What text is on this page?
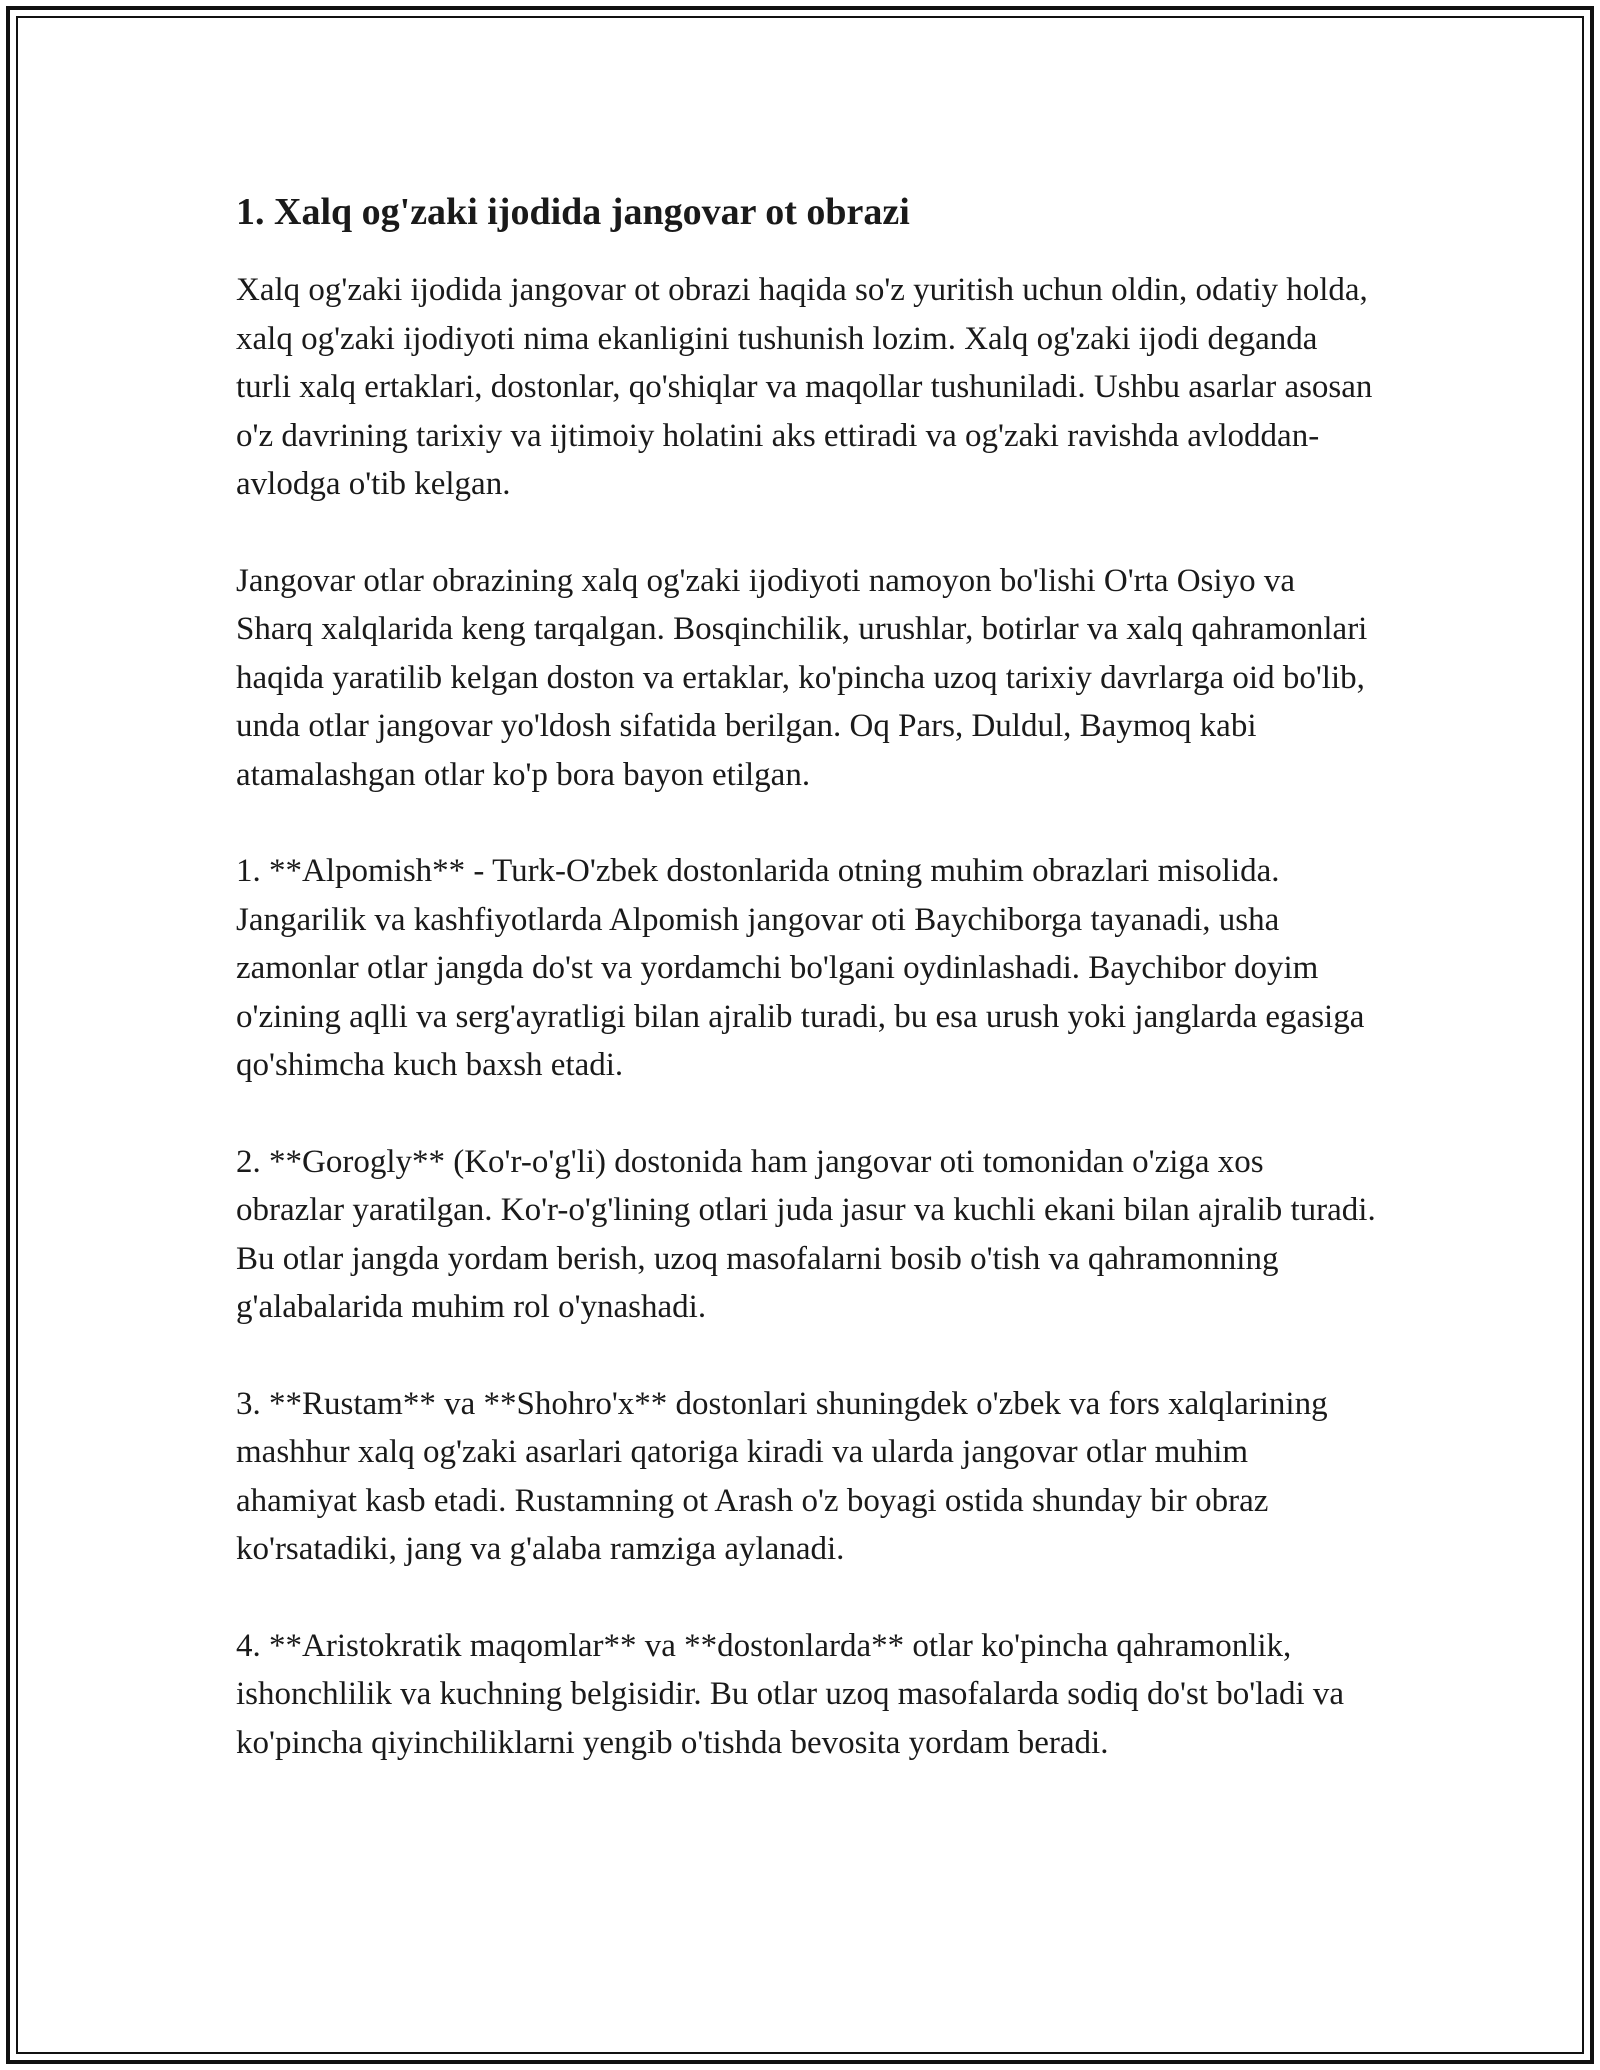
1. Xalq og'zaki ijodida jangovar ot obrazi

Xalq og'zaki ijodida jangovar ot obrazi haqida so'z yuritish uchun oldin, odatiy holda, xalq og'zaki ijodiyoti nima ekanligini tushunish lozim. Xalq og'zaki ijodi deganda turli xalq ertaklari, dostonlar, qo'shiqlar va maqollar tushuniladi. Ushbu asarlar asosan o'z davrining tarixiy va ijtimoiy holatini aks ettiradi va og'zaki ravishda avloddan-avlodga o'tib kelgan.

Jangovar otlar obrazining xalq og'zaki ijodiyoti namoyon bo'lishi O'rta Osiyo va Sharq xalqlarida keng tarqalgan. Bosqinchilik, urushlar, botirlar va xalq qahramonlari haqida yaratilib kelgan doston va ertaklar, ko'pincha uzoq tarixiy davrlarga oid bo'lib, unda otlar jangovar yo'ldosh sifatida berilgan. Oq Pars, Duldul, Baymoq kabi atamalashgan otlar ko'p bora bayon etilgan.

1. **Alpomish** - Turk-O'zbek dostonlarida otning muhim obrazlari misolida. Jangarilik va kashfiyotlarda Alpomish jangovar oti Baychiborga tayanadi, usha zamonlar otlar jangda do'st va yordamchi bo'lgani oydinlashadi. Baychibor doyim o'zining aqlli va serg'ayratligi bilan ajralib turadi, bu esa urush yoki janglarda egasiga qo'shimcha kuch baxsh etadi.

2. **Gorogly** (Ko'r-o'g'li) dostonida ham jangovar oti tomonidan o'ziga xos obrazlar yaratilgan. Ko'r-o'g'lining otlari juda jasur va kuchli ekani bilan ajralib turadi. Bu otlar jangda yordam berish, uzoq masofalarni bosib o'tish va qahramonning g'alabalarida muhim rol o'ynashadi.

3. **Rustam** va **Shohro'x** dostonlari shuningdek o'zbek va fors xalqlarining mashhur xalq og'zaki asarlari qatoriga kiradi va ularda jangovar otlar muhim ahamiyat kasb etadi. Rustamning ot Arash o'z boyagi ostida shunday bir obraz ko'rsatadiki, jang va g'alaba ramziga aylanadi.

4. **Aristokratik maqomlar** va **dostonlarda** otlar ko'pincha qahramonlik, ishonchlilik va kuchning belgisidir. Bu otlar uzoq masofalarda sodiq do'st bo'ladi va ko'pincha qiyinchiliklarni yengib o'tishda bevosita yordam beradi.
